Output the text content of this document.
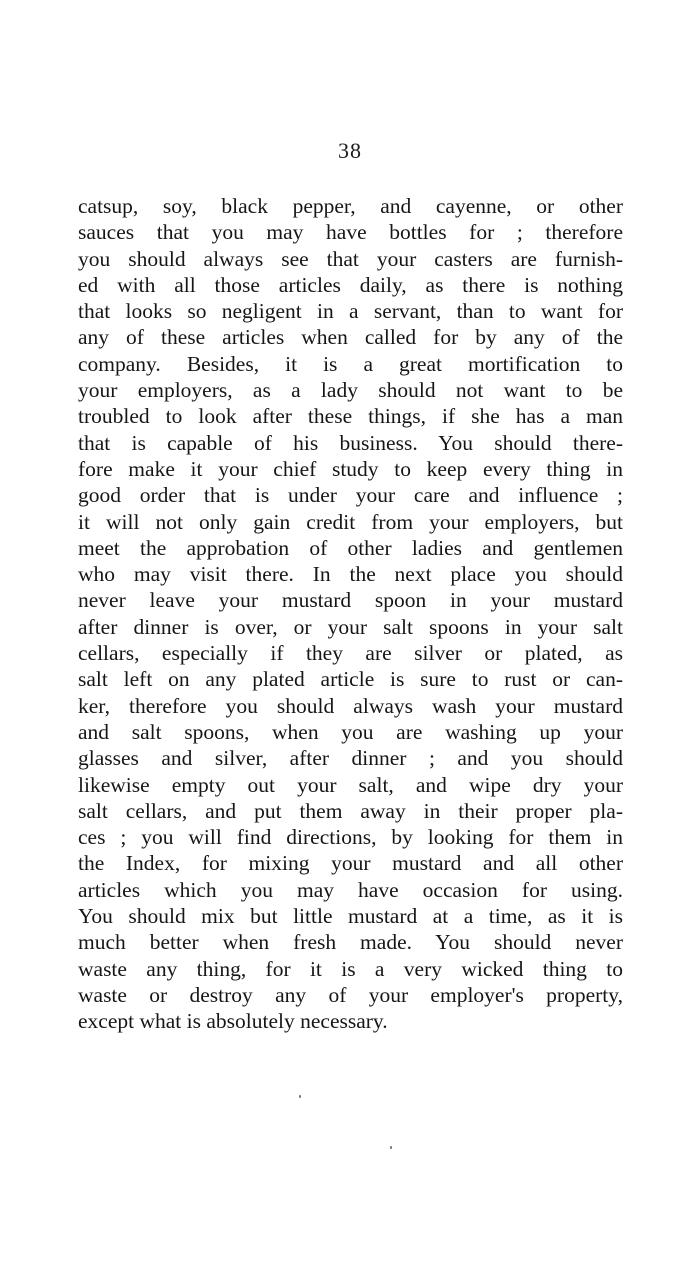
38
catsup, soy, black pepper, and cayenne, or other
sauces that you may have bottles for ; therefore
you should always see that your casters are furnish-
ed with all those articles daily, as there is nothing
that looks so negligent in a servant, than to want for
any of these articles when called for by any of the
company. Besides, it is a great mortification to
your employers, as a lady should not want to be
troubled to look after these things, if she has a man
that is capable of his business. You should there-
fore make it your chief study to keep every thing in
good order that is under your care and influence ;
it will not only gain credit from your employers, but
meet the approbation of other ladies and gentlemen
who may visit there. In the next place you should
never leave your mustard spoon in your mustard
after dinner is over, or your salt spoons in your salt
cellars, especially if they are silver or plated, as
salt left on any plated article is sure to rust or can-
ker, therefore you should always wash your mustard
and salt spoons, when you are washing up your
glasses and silver, after dinner ; and you should
likewise empty out your salt, and wipe dry your
salt cellars, and put them away in their proper pla-
ces ; you will find directions, by looking for them in
the Index, for mixing your mustard and all other
articles which you may have occasion for using.
You should mix but little mustard at a time, as it is
much better when fresh made. You should never
waste any thing, for it is a very wicked thing to
waste or destroy any of your employer's property,
except what is absolutely necessary.
